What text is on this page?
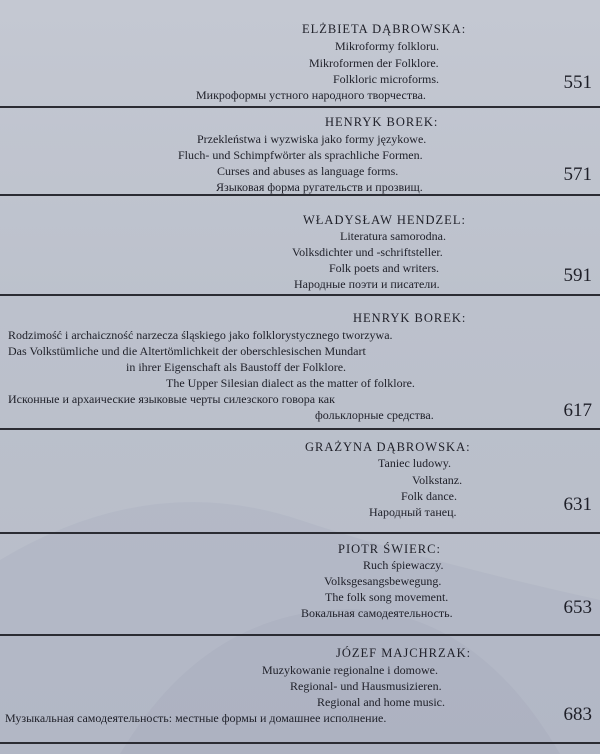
ELŻBIETA DĄBROWSKA:
Mikroformy folkloru.
Mikroformen der Folklore.
Folkloric microforms.
Микроформы устного народного творчества.
551
HENRYK BOREK:
Przekleństwa i wyzwiska jako formy językowe.
Fluch- und Schimpfwörter als sprachliche Formen.
Curses and abuses as language forms.
Языковая форма ругательств и прозвищ.
571
WŁADYSŁAW HENDZEL:
Literatura samorodna.
Volksdichter und -schriftsteller.
Folk poets and writers.
Народные поэти и писатели.	591
HENRYK BOREK:
Rodzimość i archaiczność narzecza śląskiego jako folklorystycznego tworzywa.
Das Volkstümliche und die Altertömlichkeit der oberschlesischen Mundart
in ihrer Eigenschaft als Baustoff der Folklore.
The Upper Silesian dialect as the matter of folklore.
Исконные и архаические языковые черты силезского говора как
фольклорные средства.	617
GRAŻYNA DĄBROWSKA:
Taniec ludowy.
Volkstanz.
Folk dance.
Народный танец.	631
PIOTR ŚWIERC:
Ruch śpiewaczy.
Volksgesangsbewegung.
The folk song movement.
Вокальная самодеятельность.	653
JÓZEF MAJCHRZAK:
Muzykowanie regionalne i domowe.
Regional- und Hausmusizieren.
Regional and home music.
Музыкальная самодеятельность: местные формы и домашнее исполнение.	683
